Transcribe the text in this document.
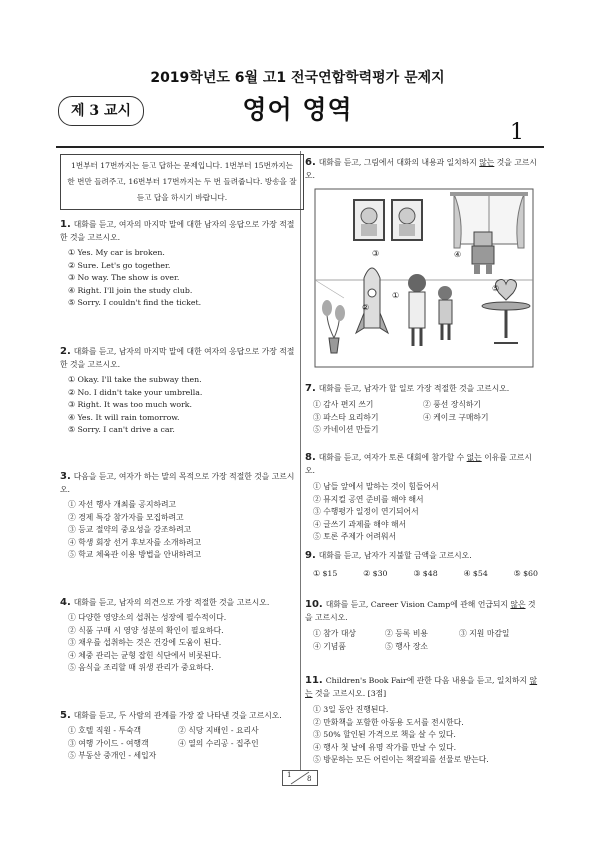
2019학년도 6월 고1 전국연합학력평가 문제지
제 3 교시	영어 영역
1
1번부터 17번까지는 듣고 답하는 문제입니다. 1번부터 15번까지는 한 번만 들려주고, 16번부터 17번까지는 두 번 들려줍니다. 방송을 잘 듣고 답을 하시기 바랍니다.
1. 대화를 듣고, 여자의 마지막 말에 대한 남자의 응답으로 가장 적절한 것을 고르시오.
① Yes. My car is broken.
② Sure. Let's go together.
③ No way. The show is over.
④ Right. I'll join the study club.
⑤ Sorry. I couldn't find the ticket.
2. 대화를 듣고, 남자의 마지막 말에 대한 여자의 응답으로 가장 적절한 것을 고르시오.
① Okay. I'll take the subway then.
② No. I didn't take your umbrella.
③ Right. It was too much work.
④ Yes. It will rain tomorrow.
⑤ Sorry. I can't drive a car.
3. 다음을 듣고, 여자가 하는 말의 목적으로 가장 적절한 것을 고르시오.
① 자선 행사 개최를 공지하려고
② 경제 특강 참가자를 모집하려고
③ 등교 절약의 중요성을 강조하려고
④ 학생 회장 선거 후보자를 소개하려고
⑤ 학교 체육관 이용 방법을 안내하려고
4. 대화를 듣고, 남자의 의견으로 가장 적절한 것을 고르시오.
① 다양한 영양소의 섭취는 성장에 필수적이다.
② 식품 구매 시 영양 성분의 확인이 필요하다.
③ 채우를 섭취하는 것은 건강에 도움이 된다.
④ 체중 관리는 균형 잡힌 식단에서 비롯된다.
⑤ 음식을 조리할 때 위생 관리가 중요하다.
5. 대화를 듣고, 두 사람의 관계를 가장 잘 나타낸 것을 고르시오.
① 호텔 직원 - 투숙객	② 식당 지배인 - 요리사
③ 여행 가이드 - 여행객	④ 열의 수리공 - 집주인
⑤ 부동산 중개인 - 세입자
6. 대화를 듣고, 그림에서 대화의 내용과 일치하지 않는 것을 고르시오.
①
②
③	④
⑤
7. 대화를 듣고, 남자가 할 일로 가장 적절한 것을 고르시오.
① 감사 편지 쓰기	② 풍선 장식하기
③ 파스타 요리하기	④ 케이크 구매하기
⑤ 카네이션 만들기
8. 대화를 듣고, 여자가 토론 대회에 참가할 수 없는 이유를 고르시오.
① 남들 앞에서 말하는 것이 힘들어서
② 뮤지컬 공연 준비를 해야 해서
③ 수행평가 일정이 연기되어서
④ 글쓰기 과제를 해야 해서
⑤ 토론 주제가 어려워서
9. 대화를 듣고, 남자가 지불할 금액을 고르시오.
① $15	② $30	③ $48	④ $54	⑤ $60
10. 대화를 듣고, Career Vision Camp에 관해 언급되지 않은 것을 고르시오.
① 참가 대상	② 등록 비용	③ 지원 마감일
④ 기념품	⑤ 행사 장소
11. Children's Book Fair에 관한 다음 내용을 듣고, 일치하지 않는 것을 고르시오. [3점]
① 3일 동안 진행된다.
② 만화책을 포함한 아동용 도서를 전시한다.
③ 50% 할인된 가격으로 책을 살 수 있다.
④ 행사 첫 날에 유명 작가를 만날 수 있다.
⑤ 방문하는 모든 어린이는 책갈피를 선물로 받는다.
1 8
